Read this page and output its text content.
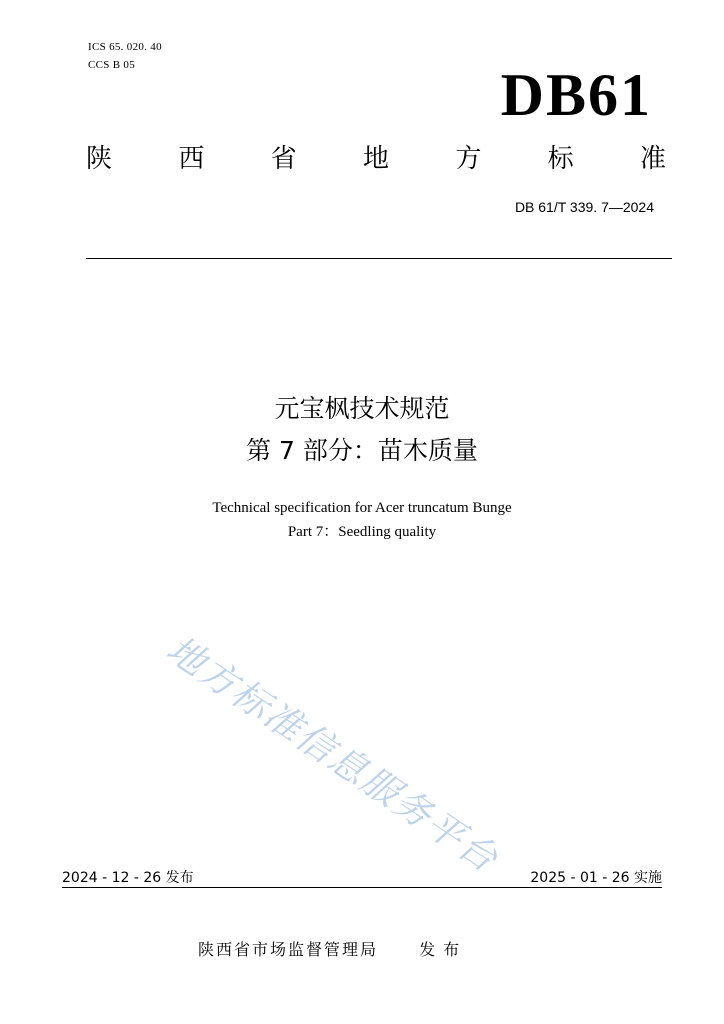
ICS 65. 020. 40
CCS B 05	DB61
陕	西	省	地	方	标	准
DB 61/T 339. 7—2024
元宝枫技术规范
第 7 部分：苗木质量
Technical specification for Acer truncatum Bunge
Part 7：Seedling quality
地方标准信息服务平台
2024 - 12 - 26 发布	2025 - 01 - 26 实施
陕西省市场监督管理局	发布
